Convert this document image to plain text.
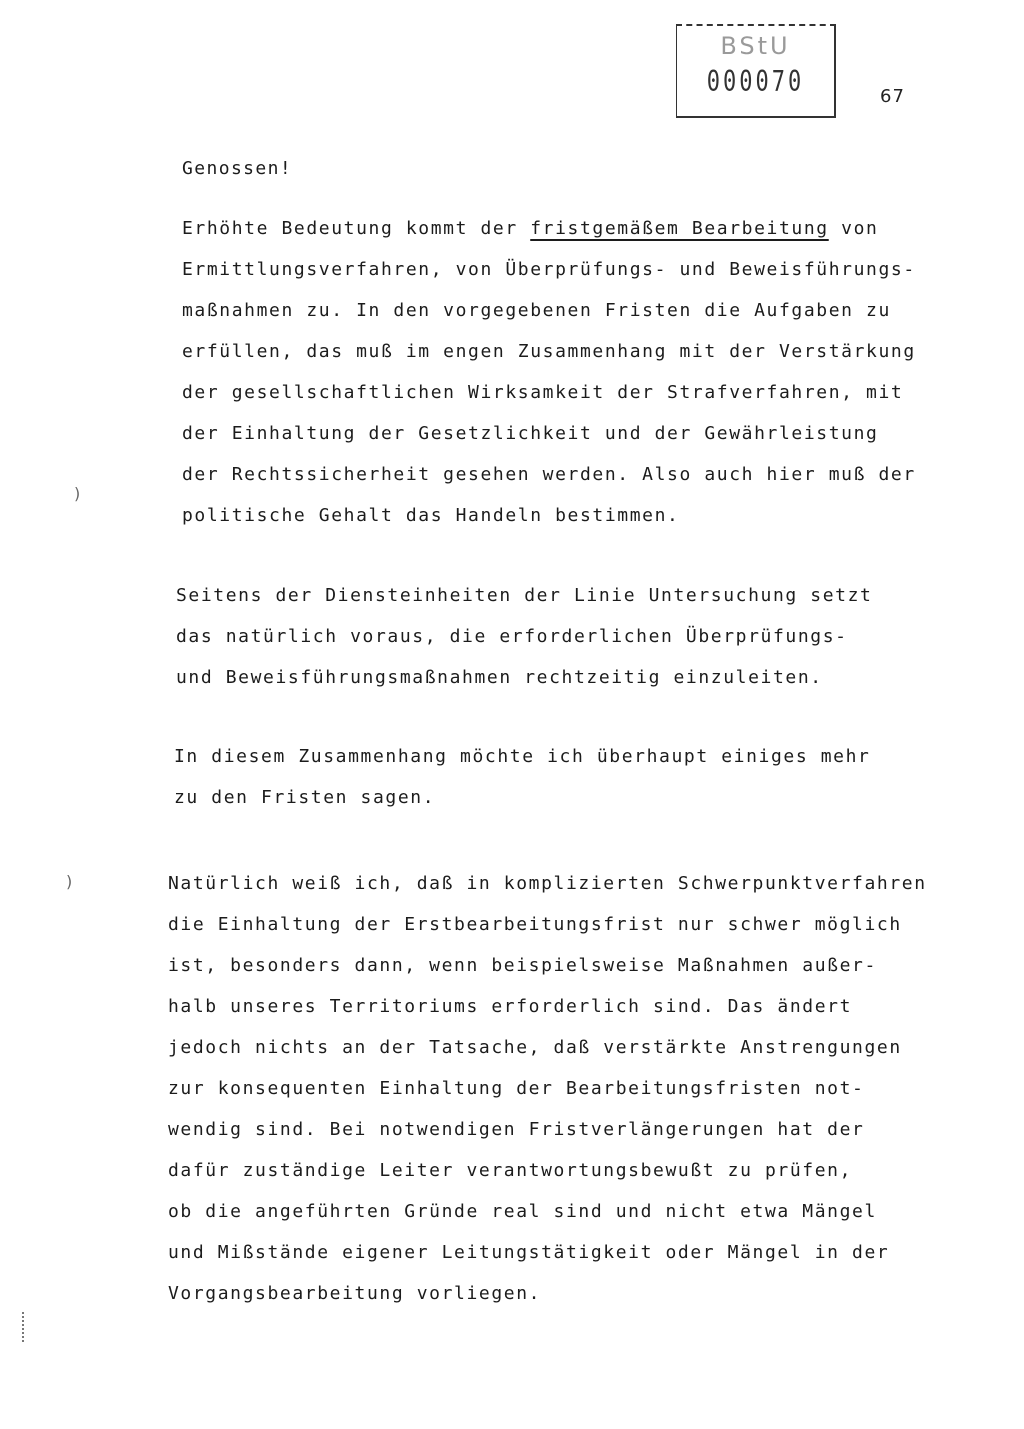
BStU
000070	67
Genossen!
Erhöhte Bedeutung kommt der fristgemäßem Bearbeitung von
Ermittlungsverfahren, von Überprüfungs- und Beweisführungs-
maßnahmen zu. In den vorgegebenen Fristen die Aufgaben zu
erfüllen, das muß im engen Zusammenhang mit der Verstärkung
der gesellschaftlichen Wirksamkeit der Strafverfahren, mit
der Einhaltung der Gesetzlichkeit und der Gewährleistung
der Rechtssicherheit gesehen werden. Also auch hier muß der
politische Gehalt das Handeln bestimmen.
Seitens der Diensteinheiten der Linie Untersuchung setzt
das natürlich voraus, die erforderlichen Überprüfungs-
und Beweisführungsmaßnahmen rechtzeitig einzuleiten.
In diesem Zusammenhang möchte ich überhaupt einiges mehr
zu den Fristen sagen.
Natürlich weiß ich, daß in komplizierten Schwerpunktverfahren
die Einhaltung der Erstbearbeitungsfrist nur schwer möglich
ist, besonders dann, wenn beispielsweise Maßnahmen außer-
halb unseres Territoriums erforderlich sind. Das ändert
jedoch nichts an der Tatsache, daß verstärkte Anstrengungen
zur konsequenten Einhaltung der Bearbeitungsfristen not-
wendig sind. Bei notwendigen Fristverlängerungen hat der
dafür zuständige Leiter verantwortungsbewußt zu prüfen,
ob die angeführten Gründe real sind und nicht etwa Mängel
und Mißstände eigener Leitungstätigkeit oder Mängel in der
Vorgangsbearbeitung vorliegen.
)
)
